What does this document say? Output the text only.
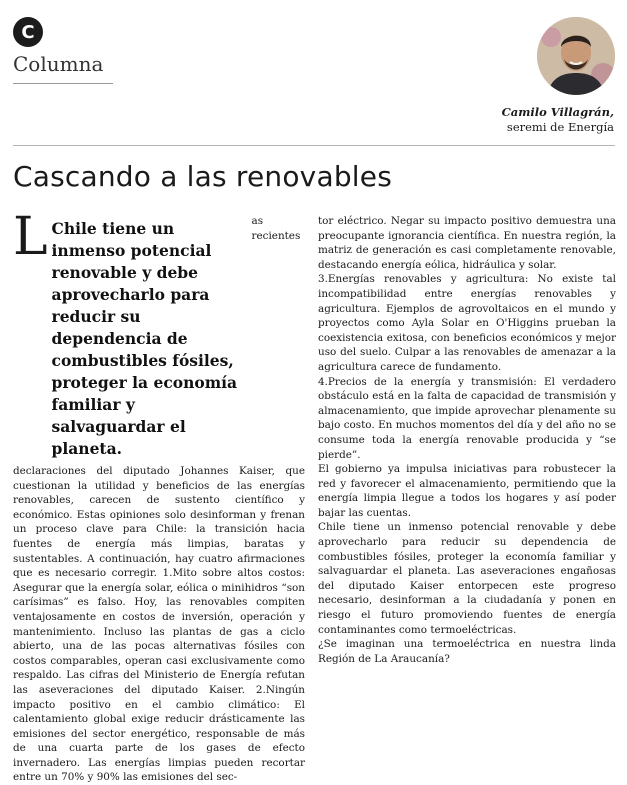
C
Columna
Camilo Villagrán,
seremi de Energía
Cascando a las renovables
L Chile tiene un inmenso potencial renovable y debe aprovecharlo para reducir su dependencia de combustibles fósiles, proteger la economía familiar y salvaguardar el planeta.
as recientes declaraciones del diputado Johannes Kaiser, que cuestionan la utilidad y beneficios de las energías renovables, carecen de sustento científico y económico. Estas opiniones solo desinforman y frenan un proceso clave para Chile: la transición hacia fuentes de energía más limpias, baratas y sustentables. A continuación, hay cuatro afirmaciones que es necesario corregir. 1.Mito sobre altos costos: Asegurar que la energía solar, eólica o minihidros “son carísimas” es falso. Hoy, las renovables compiten ventajosamente en costos de inversión, operación y mantenimiento. Incluso las plantas de gas a ciclo abierto, una de las pocas alternativas fósiles con costos comparables, operan casi exclusivamente como respaldo. Las cifras del Ministerio de Energía refutan las aseveraciones del diputado Kaiser. 2.Ningún impacto positivo en el cambio climático: El calentamiento global exige reducir drásticamente las emisiones del sector energético, responsable de más de una cuarta parte de los gases de efecto invernadero. Las energías limpias pueden recortar entre un 70% y 90% las emisiones del sec-

tor eléctrico. Negar su impacto positivo demuestra una preocupante ignorancia científica. En nuestra región, la matriz de generación es casi completamente renovable, destacando energía eólica, hidráulica y solar.

3.Energías renovables y agricultura: No existe tal incompatibilidad entre energías renovables y agricultura. Ejemplos de agrovoltaicos en el mundo y proyectos como Ayla Solar en O'Higgins prueban la coexistencia exitosa, con beneficios económicos y mejor uso del suelo. Culpar a las renovables de amenazar a la agricultura carece de fundamento.

4.Precios de la energía y transmisión: El verdadero obstáculo está en la falta de capacidad de transmisión y almacenamiento, que impide aprovechar plenamente su bajo costo. En muchos momentos del día y del año no se consume toda la energía renovable producida y “se pierde”.

El gobierno ya impulsa iniciativas para robustecer la red y favorecer el almacenamiento, permitiendo que la energía limpia llegue a todos los hogares y así poder bajar las cuentas.

Chile tiene un inmenso potencial renovable y debe aprovecharlo para reducir su dependencia de combustibles fósiles, proteger la economía familiar y salvaguardar el planeta. Las aseveraciones engañosas del diputado Kaiser entorpecen este progreso necesario, desinforman a la ciudadanía y ponen en riesgo el futuro promoviendo fuentes de energía contaminantes como termoeléctricas.

¿Se imaginan una termoeléctrica en nuestra linda Región de La Araucanía?
